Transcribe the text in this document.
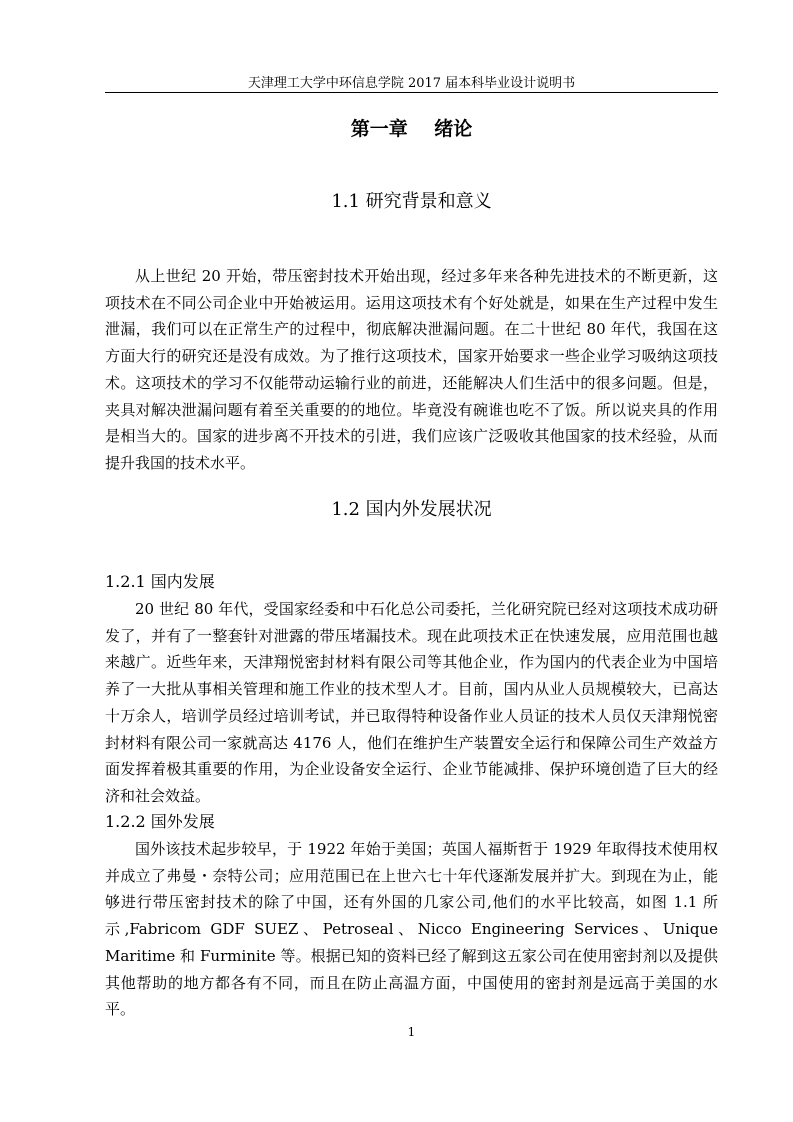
天津理工大学中环信息学院 2017 届本科毕业设计说明书
第一章    绪论
1.1 研究背景和意义

从上世纪 20 开始，带压密封技术开始出现，经过多年来各种先进技术的不断更新，这项技术在不同公司企业中开始被运用。运用这项技术有个好处就是，如果在生产过程中发生泄漏，我们可以在正常生产的过程中，彻底解决泄漏问题。在二十世纪 80 年代，我国在这方面大行的研究还是没有成效。为了推行这项技术，国家开始要求一些企业学习吸纳这项技术。这项技术的学习不仅能带动运输行业的前进，还能解决人们生活中的很多问题。但是，夹具对解决泄漏问题有着至关重要的的地位。毕竟没有碗谁也吃不了饭。所以说夹具的作用是相当大的。国家的进步离不开技术的引进，我们应该广泛吸收其他国家的技术经验，从而提升我国的技术水平。

1.2 国内外发展状况
1.2.1 国内发展

20 世纪 80 年代，受国家经委和中石化总公司委托，兰化研究院已经对这项技术成功研发了，并有了一整套针对泄露的带压堵漏技术。现在此项技术正在快速发展，应用范围也越来越广。近些年来，天津翔悦密封材料有限公司等其他企业，作为国内的代表企业为中国培养了一大批从事相关管理和施工作业的技术型人才。目前，国内从业人员规模较大，已高达十万余人，培训学员经过培训考试，并已取得特种设备作业人员证的技术人员仅天津翔悦密封材料有限公司一家就高达 4176 人，他们在维护生产装置安全运行和保障公司生产效益方面发挥着极其重要的作用，为企业设备安全运行、企业节能减排、保护环境创造了巨大的经济和社会效益。

1.2.2 国外发展

国外该技术起步较早，于 1922 年始于美国；英国人福斯哲于 1929 年取得技术使用权并成立了弗曼・奈特公司；应用范围已在上世六七十年代逐渐发展并扩大。到现在为止，能够进行带压密封技术的除了中国，还有外国的几家公司,他们的水平比较高，如图 1.1 所示,Fabricom GDF SUEZ、Petroseal、Nicco Engineering Services、Unique Maritime 和 Furminite 等。根据已知的资料已经了解到这五家公司在使用密封剂以及提供其他帮助的地方都各有不同，而且在防止高温方面，中国使用的密封剂是远高于美国的水平。

1
